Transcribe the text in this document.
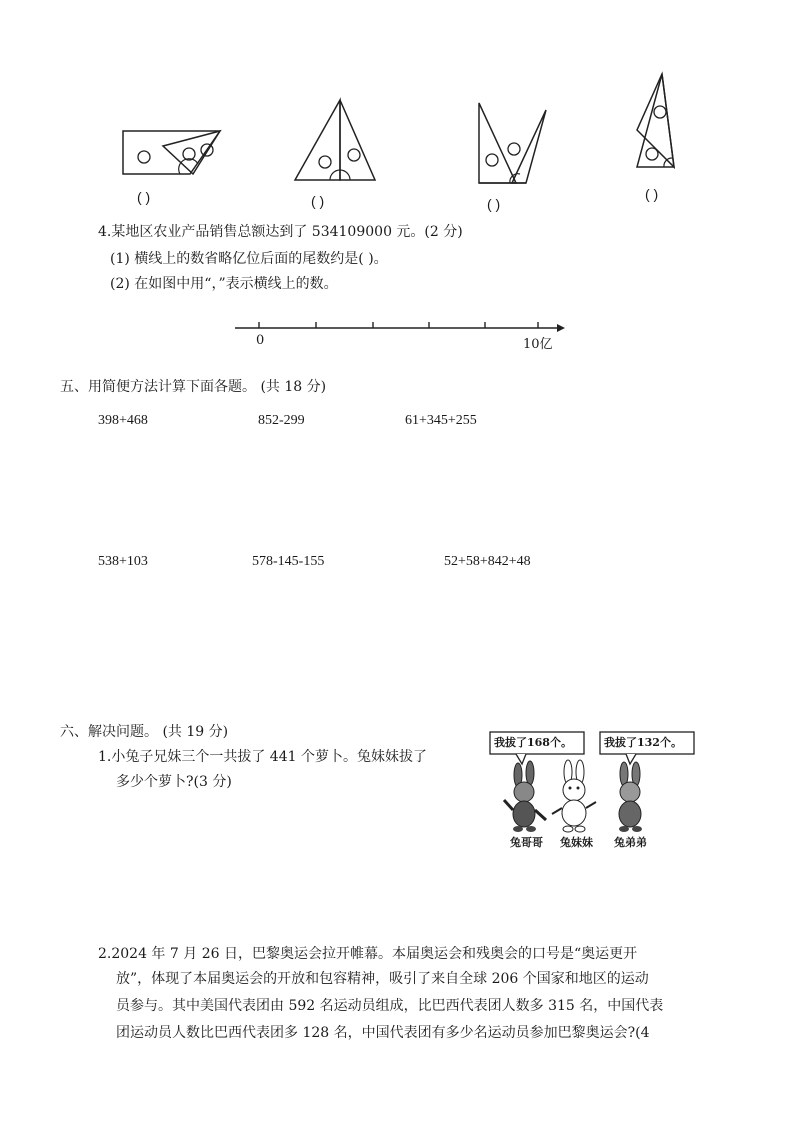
( )	( )	( )
( )
4.某地区农业产品销售总额达到了 534109000 元。(2 分)
(1) 横线上的数省略亿位后面的尾数约是( )。
(2) 在如图中用“，”表示横线上的数。
0	10亿
五、用简便方法计算下面各题。 (共 18 分)
398+468	852-299	61+345+255
538+103	578-145-155	52+58+842+48
六、解决问题。 (共 19 分)
1.小兔子兄妹三个一共拔了 441 个萝卜。兔妹妹拔了
多少个萝卜?(3 分)
我拔了168个。	我拔了132个。
兔哥哥 兔妹妹 兔弟弟
2.2024 年 7 月 26 日，巴黎奥运会拉开帷幕。本届奥运会和残奥会的口号是“奥运更开
放”，体现了本届奥运会的开放和包容精神，吸引了来自全球 206 个国家和地区的运动
员参与。其中美国代表团由 592 名运动员组成，比巴西代表团人数多 315 名，中国代表
团运动员人数比巴西代表团多 128 名，中国代表团有多少名运动员参加巴黎奥运会?(4
